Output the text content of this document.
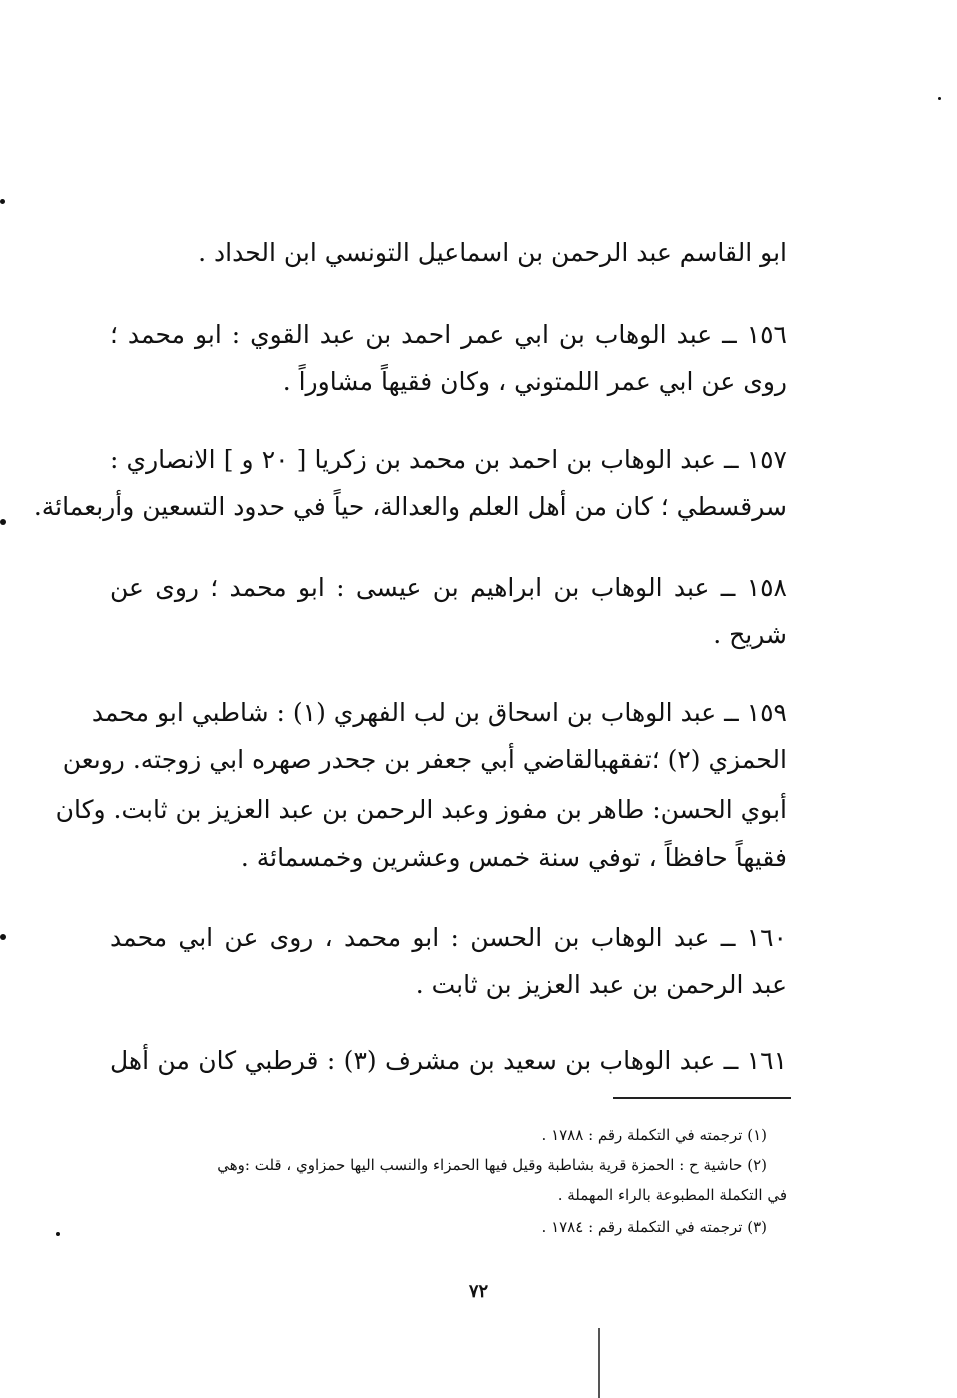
ابو القاسم عبد الرحمن بن اسماعيل التونسي ابن الحداد .
١٥٦ ــ عبد الوهاب بن ابي عمر احمد بن عبد القوي : ابو محمد ؛
روى عن ابي عمر اللمتوني ، وكان فقيهاً مشاوراً .
١٥٧ ــ عبد الوهاب بن احمد بن محمد بن زكريا [ ٢٠ و ] الانصاري :
سرقسطي ؛ كان من أهل العلم والعدالة، حياً في حدود التسعين وأربعمائة.
١٥٨ ــ عبد الوهاب بن ابراهيم بن عيسى : ابو محمد ؛ روى عن
شريح .
١٥٩ ــ عبد الوهاب بن اسحاق بن لب الفهري (١) : شاطبي ابو محمد
الحمزي (٢) ؛تفقهبالقاضي أبي جعفر بن جحدر صهره ابي زوجته. روىعن
أبوي الحسن: طاهر بن مفوز وعبد الرحمن بن عبد العزيز بن ثابت. وكان
فقيهاً حافظاً ، توفي سنة خمس وعشرين وخمسمائة .
١٦٠ ــ عبد الوهاب بن الحسن : ابو محمد ، روى عن ابي محمد
عبد الرحمن بن عبد العزيز بن ثابت .
١٦١ ــ عبد الوهاب بن سعيد بن مشرف (٣) : قرطبي كان من أهل
(١) ترجمته في التكملة رقم : ١٧٨٨ .
(٢) حاشية ح : الحمزة قرية بشاطبة وقيل فيها الحمزاء والنسب اليها حمزاوي ، قلت :وهي
في التكملة المطبوعة بالراء المهملة .
(٣) ترجمته في التكملة رقم : ١٧٨٤ .
٧٢
